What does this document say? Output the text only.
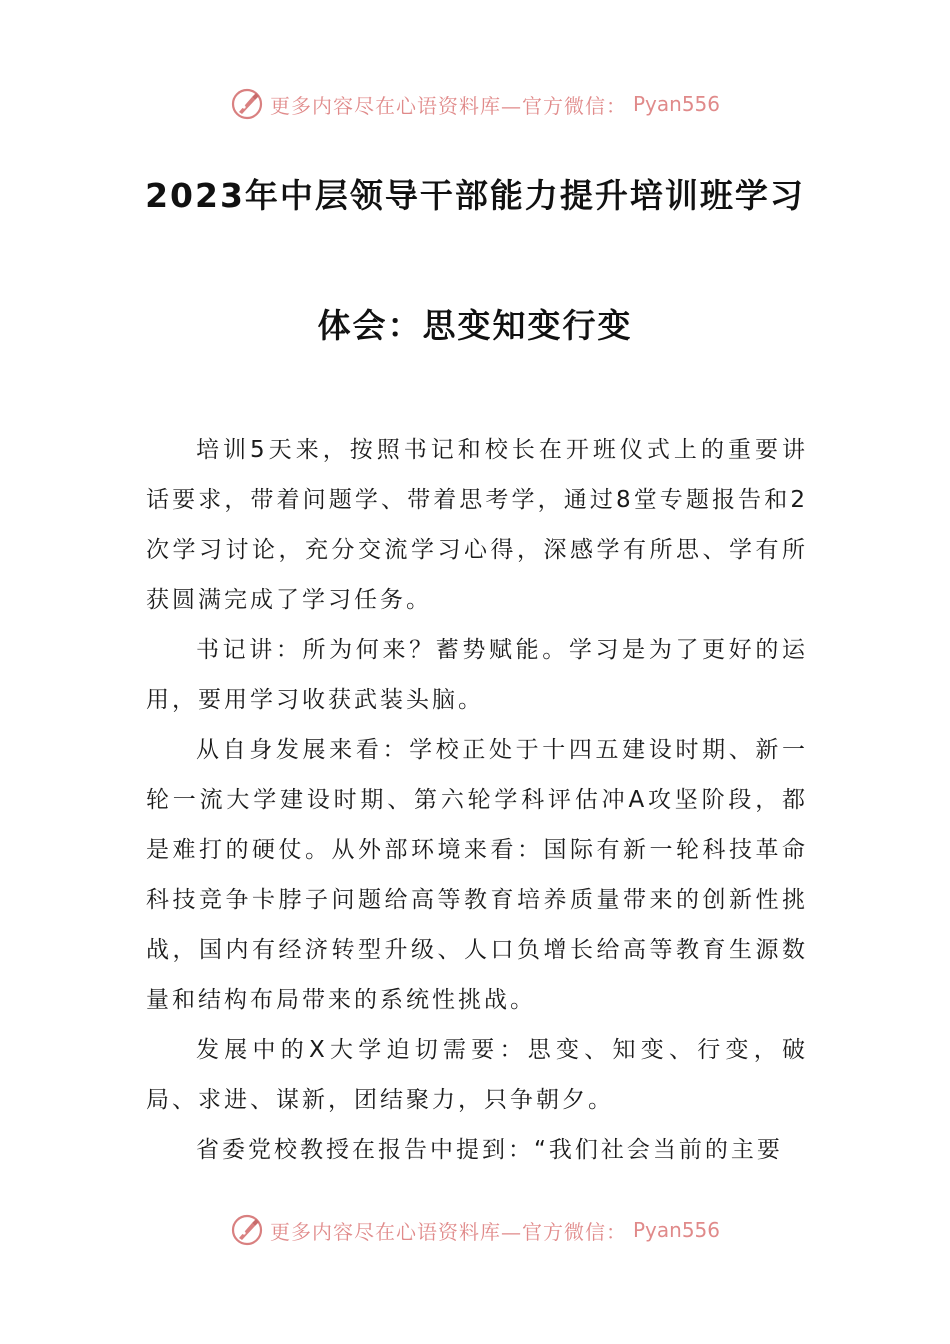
更多内容尽在心语资料库—官方微信： Pyan556
2023年中层领导干部能力提升培训班学习
体会：思变知变行变

培训5天来，按照书记和校长在开班仪式上的重要讲话要求，带着问题学、带着思考学，通过8堂专题报告和2次学习讨论，充分交流学习心得，深感学有所思、学有所获圆满完成了学习任务。

书记讲：所为何来？蓄势赋能。学习是为了更好的运用，要用学习收获武装头脑。

从自身发展来看：学校正处于十四五建设时期、新一轮一流大学建设时期、第六轮学科评估冲A攻坚阶段，都是难打的硬仗。从外部环境来看：国际有新一轮科技革命科技竞争卡脖子问题给高等教育培养质量带来的创新性挑战，国内有经济转型升级、人口负增长给高等教育生源数量和结构布局带来的系统性挑战。

发展中的X大学迫切需要：思变、知变、行变，破局、求进、谋新，团结聚力，只争朝夕。

省委党校教授在报告中提到：“我们社会当前的主要

更多内容尽在心语资料库—官方微信： Pyan556
